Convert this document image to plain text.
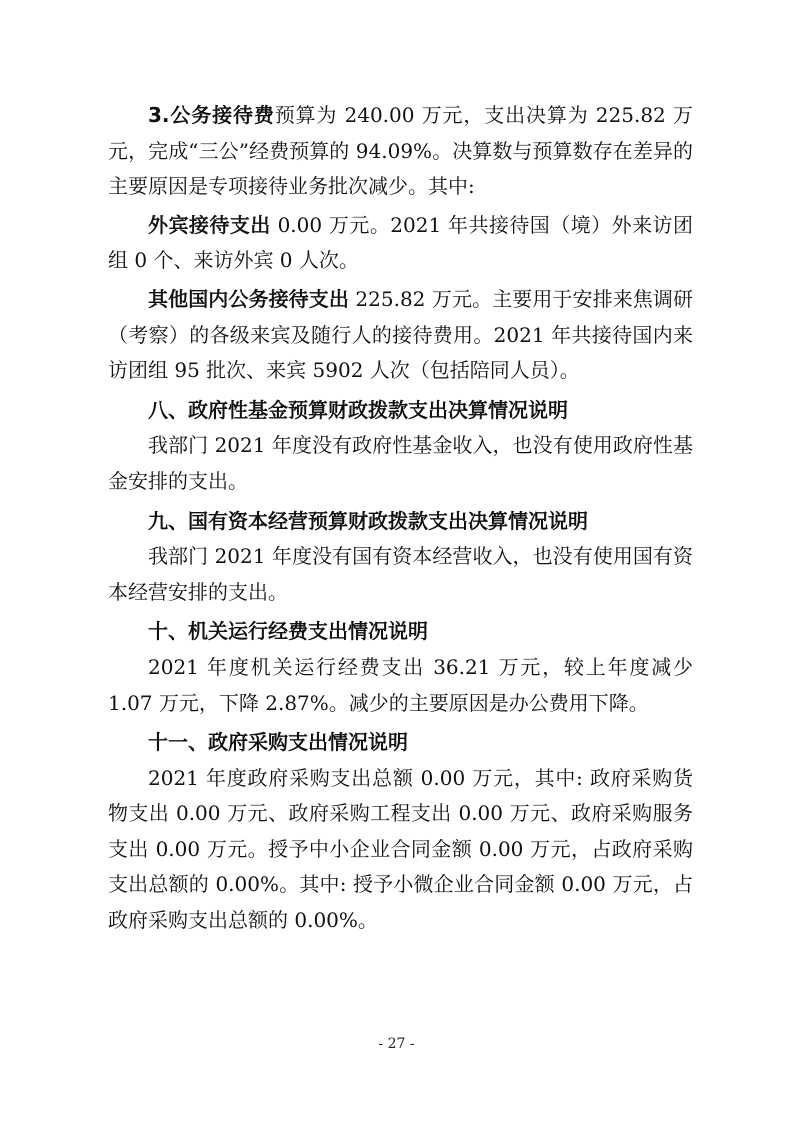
3.公务接待费预算为 240.00 万元，支出决算为 225.82 万元，完成“三公”经费预算的 94.09%。决算数与预算数存在差异的主要原因是专项接待业务批次减少。其中:

外宾接待支出 0.00 万元。2021 年共接待国（境）外来访团组 0 个、来访外宾 0 人次。

其他国内公务接待支出 225.82 万元。主要用于安排来焦调研（考察）的各级来宾及随行人的接待费用。2021 年共接待国内来访团组 95 批次、来宾 5902 人次（包括陪同人员）。

八、政府性基金预算财政拨款支出决算情况说明

我部门 2021 年度没有政府性基金收入，也没有使用政府性基金安排的支出。

九、国有资本经营预算财政拨款支出决算情况说明

我部门 2021 年度没有国有资本经营收入，也没有使用国有资本经营安排的支出。

十、机关运行经费支出情况说明

2021 年度机关运行经费支出 36.21 万元，较上年度减少 1.07 万元，下降 2.87%。减少的主要原因是办公费用下降。

十一、政府采购支出情况说明

2021 年度政府采购支出总额 0.00 万元，其中: 政府采购货物支出 0.00 万元、政府采购工程支出 0.00 万元、政府采购服务支出 0.00 万元。授予中小企业合同金额 0.00 万元，占政府采购支出总额的 0.00%。其中: 授予小微企业合同金额 0.00 万元，占政府采购支出总额的 0.00%。

- 27 -
